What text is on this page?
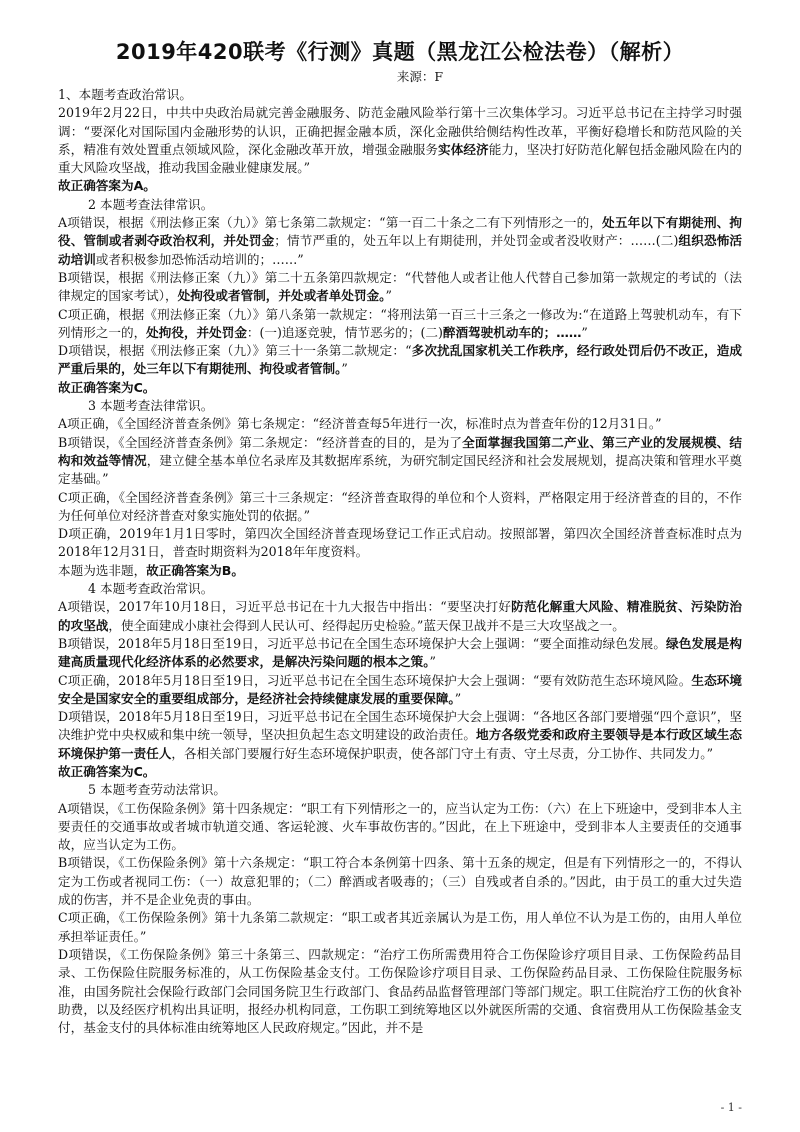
2019年420联考《行测》真题（黑龙江公检法卷）（解析）
来源：F

1、本题考查政治常识。

2019年2月22日，中共中央政治局就完善金融服务、防范金融风险举行第十三次集体学习。习近平总书记在主持学习时强调：“要深化对国际国内金融形势的认识，正确把握金融本质，深化金融供给侧结构性改革，平衡好稳增长和防范风险的关系，精准有效处置重点领域风险，深化金融改革开放，增强金融服务实体经济能力，坚决打好防范化解包括金融风险在内的重大风险攻坚战，推动我国金融业健康发展。”

故正确答案为A。

2 本题考查法律常识。

A项错误，根据《刑法修正案（九）》第七条第二款规定：“第一百二十条之二有下列情形之一的，处五年以下有期徒刑、拘役、管制或者剥夺政治权利，并处罚金；情节严重的，处五年以上有期徒刑，并处罚金或者没收财产：……(二)组织恐怖活动培训或者积极参加恐怖活动培训的；……”

B项错误，根据《刑法修正案（九）》第二十五条第四款规定：“代替他人或者让他人代替自己参加第一款规定的考试的（法律规定的国家考试），处拘役或者管制，并处或者单处罚金。”

C项正确，根据《刑法修正案（九）》第八条第一款规定：“将刑法第一百三十三条之一修改为:“在道路上驾驶机动车，有下列情形之一的，处拘役，并处罚金：(一)追逐竞驶，情节恶劣的；(二)醉酒驾驶机动车的；……”

D项错误，根据《刑法修正案（九）》第三十一条第二款规定：“多次扰乱国家机关工作秩序，经行政处罚后仍不改正，造成严重后果的，处三年以下有期徒刑、拘役或者管制。”

故正确答案为C。

3 本题考查法律常识。

A项正确，《全国经济普查条例》第七条规定：“经济普查每5年进行一次，标准时点为普查年份的12月31日。”

B项错误，《全国经济普查条例》第二条规定：“经济普查的目的，是为了全面掌握我国第二产业、第三产业的发展规模、结构和效益等情况，建立健全基本单位名录库及其数据库系统，为研究制定国民经济和社会发展规划，提高决策和管理水平奠定基础。”

C项正确，《全国经济普查条例》第三十三条规定：“经济普查取得的单位和个人资料，严格限定用于经济普查的目的，不作为任何单位对经济普查对象实施处罚的依据。”

D项正确，2019年1月1日零时，第四次全国经济普查现场登记工作正式启动。按照部署，第四次全国经济普查标准时点为2018年12月31日，普查时期资料为2018年年度资料。

本题为选非题，故正确答案为B。

4 本题考查政治常识。

A项错误，2017年10月18日，习近平总书记在十九大报告中指出：“要坚决打好防范化解重大风险、精准脱贫、污染防治的攻坚战，使全面建成小康社会得到人民认可、经得起历史检验。”蓝天保卫战并不是三大攻坚战之一。

B项错误，2018年5月18日至19日，习近平总书记在全国生态环境保护大会上强调：“要全面推动绿色发展。绿色发展是构建高质量现代化经济体系的必然要求，是解决污染问题的根本之策。”

C项正确，2018年5月18日至19日，习近平总书记在全国生态环境保护大会上强调：“要有效防范生态环境风险。生态环境安全是国家安全的重要组成部分，是经济社会持续健康发展的重要保障。”

D项错误，2018年5月18日至19日，习近平总书记在全国生态环境保护大会上强调：“各地区各部门要增强“四个意识”，坚决维护党中央权威和集中统一领导，坚决担负起生态文明建设的政治责任。地方各级党委和政府主要领导是本行政区域生态环境保护第一责任人，各相关部门要履行好生态环境保护职责，使各部门守土有责、守土尽责，分工协作、共同发力。”

故正确答案为C。

5 本题考查劳动法常识。

A项错误，《工伤保险条例》第十四条规定：“职工有下列情形之一的，应当认定为工伤：（六）在上下班途中，受到非本人主要责任的交通事故或者城市轨道交通、客运轮渡、火车事故伤害的。”因此，在上下班途中，受到非本人主要责任的交通事故，应当认定为工伤。

B项错误，《工伤保险条例》第十六条规定：“职工符合本条例第十四条、第十五条的规定，但是有下列情形之一的，不得认定为工伤或者视同工伤：（一）故意犯罪的；（二）醉酒或者吸毒的；（三）自残或者自杀的。”因此，由于员工的重大过失造成的伤害，并不是企业免责的事由。

C项正确，《工伤保险条例》第十九条第二款规定：“职工或者其近亲属认为是工伤，用人单位不认为是工伤的，由用人单位承担举证责任。”

D项错误，《工伤保险条例》第三十条第三、四款规定：“治疗工伤所需费用符合工伤保险诊疗项目目录、工伤保险药品目录、工伤保险住院服务标准的，从工伤保险基金支付。工伤保险诊疗项目目录、工伤保险药品目录、工伤保险住院服务标准，由国务院社会保险行政部门会同国务院卫生行政部门、食品药品监督管理部门等部门规定。职工住院治疗工伤的伙食补助费，以及经医疗机构出具证明，报经办机构同意，工伤职工到统筹地区以外就医所需的交通、食宿费用从工伤保险基金支付，基金支付的具体标准由统筹地区人民政府规定。”因此，并不是

- 1 -
